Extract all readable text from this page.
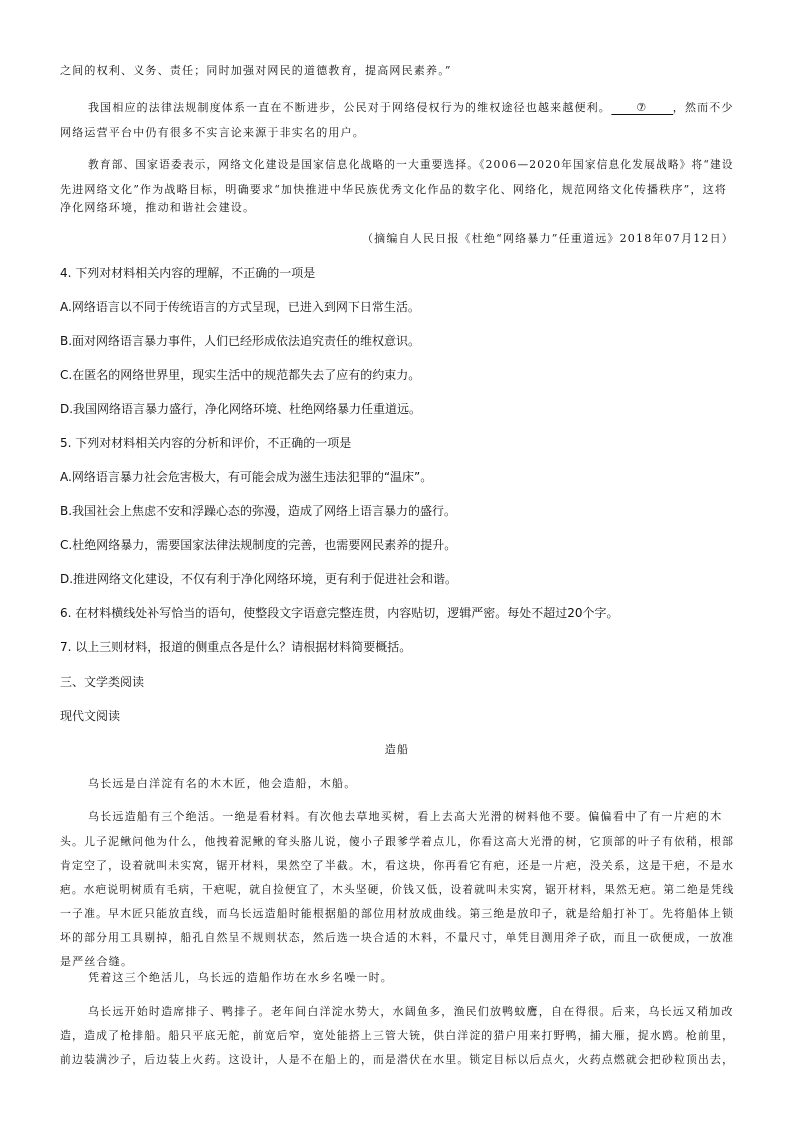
之间的权利、义务、责任；同时加强对网民的道德教育，提高网民素养。”
我国相应的法律法规制度体系一直在不断进步，公民对于网络侵权行为的维权途径也越来越便利。 ⑦ ，然而不少
网络运营平台中仍有很多不实言论来源于非实名的用户。
教育部、国家语委表示，网络文化建设是国家信息化战略的一大重要选择。《2006—2020年国家信息化发展战略》将“建设
先进网络文化”作为战略目标，明确要求“加快推进中华民族优秀文化作品的数字化、网络化，规范网络文化传播秩序”，这将
净化网络环境，推动和谐社会建设。
（摘编自人民日报《杜绝“网络暴力”任重道远》2018年07月12日）
4. 下列对材料相关内容的理解，不正确的一项是
A.网络语言以不同于传统语言的方式呈现，已进入到网下日常生活。
B.面对网络语言暴力事件，人们已经形成依法追究责任的维权意识。
C.在匿名的网络世界里，现实生活中的规范都失去了应有的约束力。
D.我国网络语言暴力盛行，净化网络环境、杜绝网络暴力任重道远。
5. 下列对材料相关内容的分析和评价，不正确的一项是
A.网络语言暴力社会危害极大，有可能会成为滋生违法犯罪的“温床”。
B.我国社会上焦虑不安和浮躁心态的弥漫，造成了网络上语言暴力的盛行。
C.杜绝网络暴力，需要国家法律法规制度的完善，也需要网民素养的提升。
D.推进网络文化建设，不仅有利于净化网络环境，更有利于促进社会和谐。
6. 在材料横线处补写恰当的语句，使整段文字语意完整连贯，内容贴切，逻辑严密。每处不超过20个字。
7. 以上三则材料，报道的侧重点各是什么？请根据材料简要概括。
三、文学类阅读
现代文阅读
造船
乌长远是白洋淀有名的木木匠，他会造船，木船。
乌长远造船有三个绝活。一绝是看材料。有次他去草地买树，看上去高大光滑的树料他不要。偏偏看中了有一片疤的木
头。儿子泥鳅问他为什么，他拽着泥鳅的耷头胳儿说，傻小子跟爹学着点儿，你看这高大光滑的树，它顶部的叶子有依稍，根部
肯定空了，设着就叫未实窝，锯开材料，果然空了半截。木，看这块，你再看它有疤，还是一片疤，没关系，这是干疤，不是水
疤。水疤说明树质有毛病，干疤呢，就自捡便宜了，木头坚硬，价钱又低，设着就叫未实窝，锯开材料，果然无疤。第二绝是凭线
一子准。早木匠只能放直线，而乌长远造船时能根据船的部位用材放成曲线。第三绝是放印子，就是给船打补丁。先将船体上锁
坏的部分用工具剔掉，船孔自然呈不规则状态，然后选一块合适的木料，不量尺寸，单凭目测用斧子砍，而且一砍便成，一放准
是严丝合缝。
凭着这三个绝活儿，乌长远的造船作坊在水乡名噪一时。
乌长远开始时造席排子、鸭排子。老年间白洋淀水势大，水阔鱼多，渔民们放鸭蚊鹰，自在得很。后来，乌长远又稍加改
造，造成了枪排船。船只平底无舵，前宽后窄，宽处能搭上三管大铳，供白洋淀的猎户用来打野鸭，捕大雁，捉水鸥。枪前里，
前边装满沙子，后边装上火药。这设计，人是不在船上的，而是潜伏在水里。锁定目标以后点火，火药点燃就会把砂粒顶出去，
